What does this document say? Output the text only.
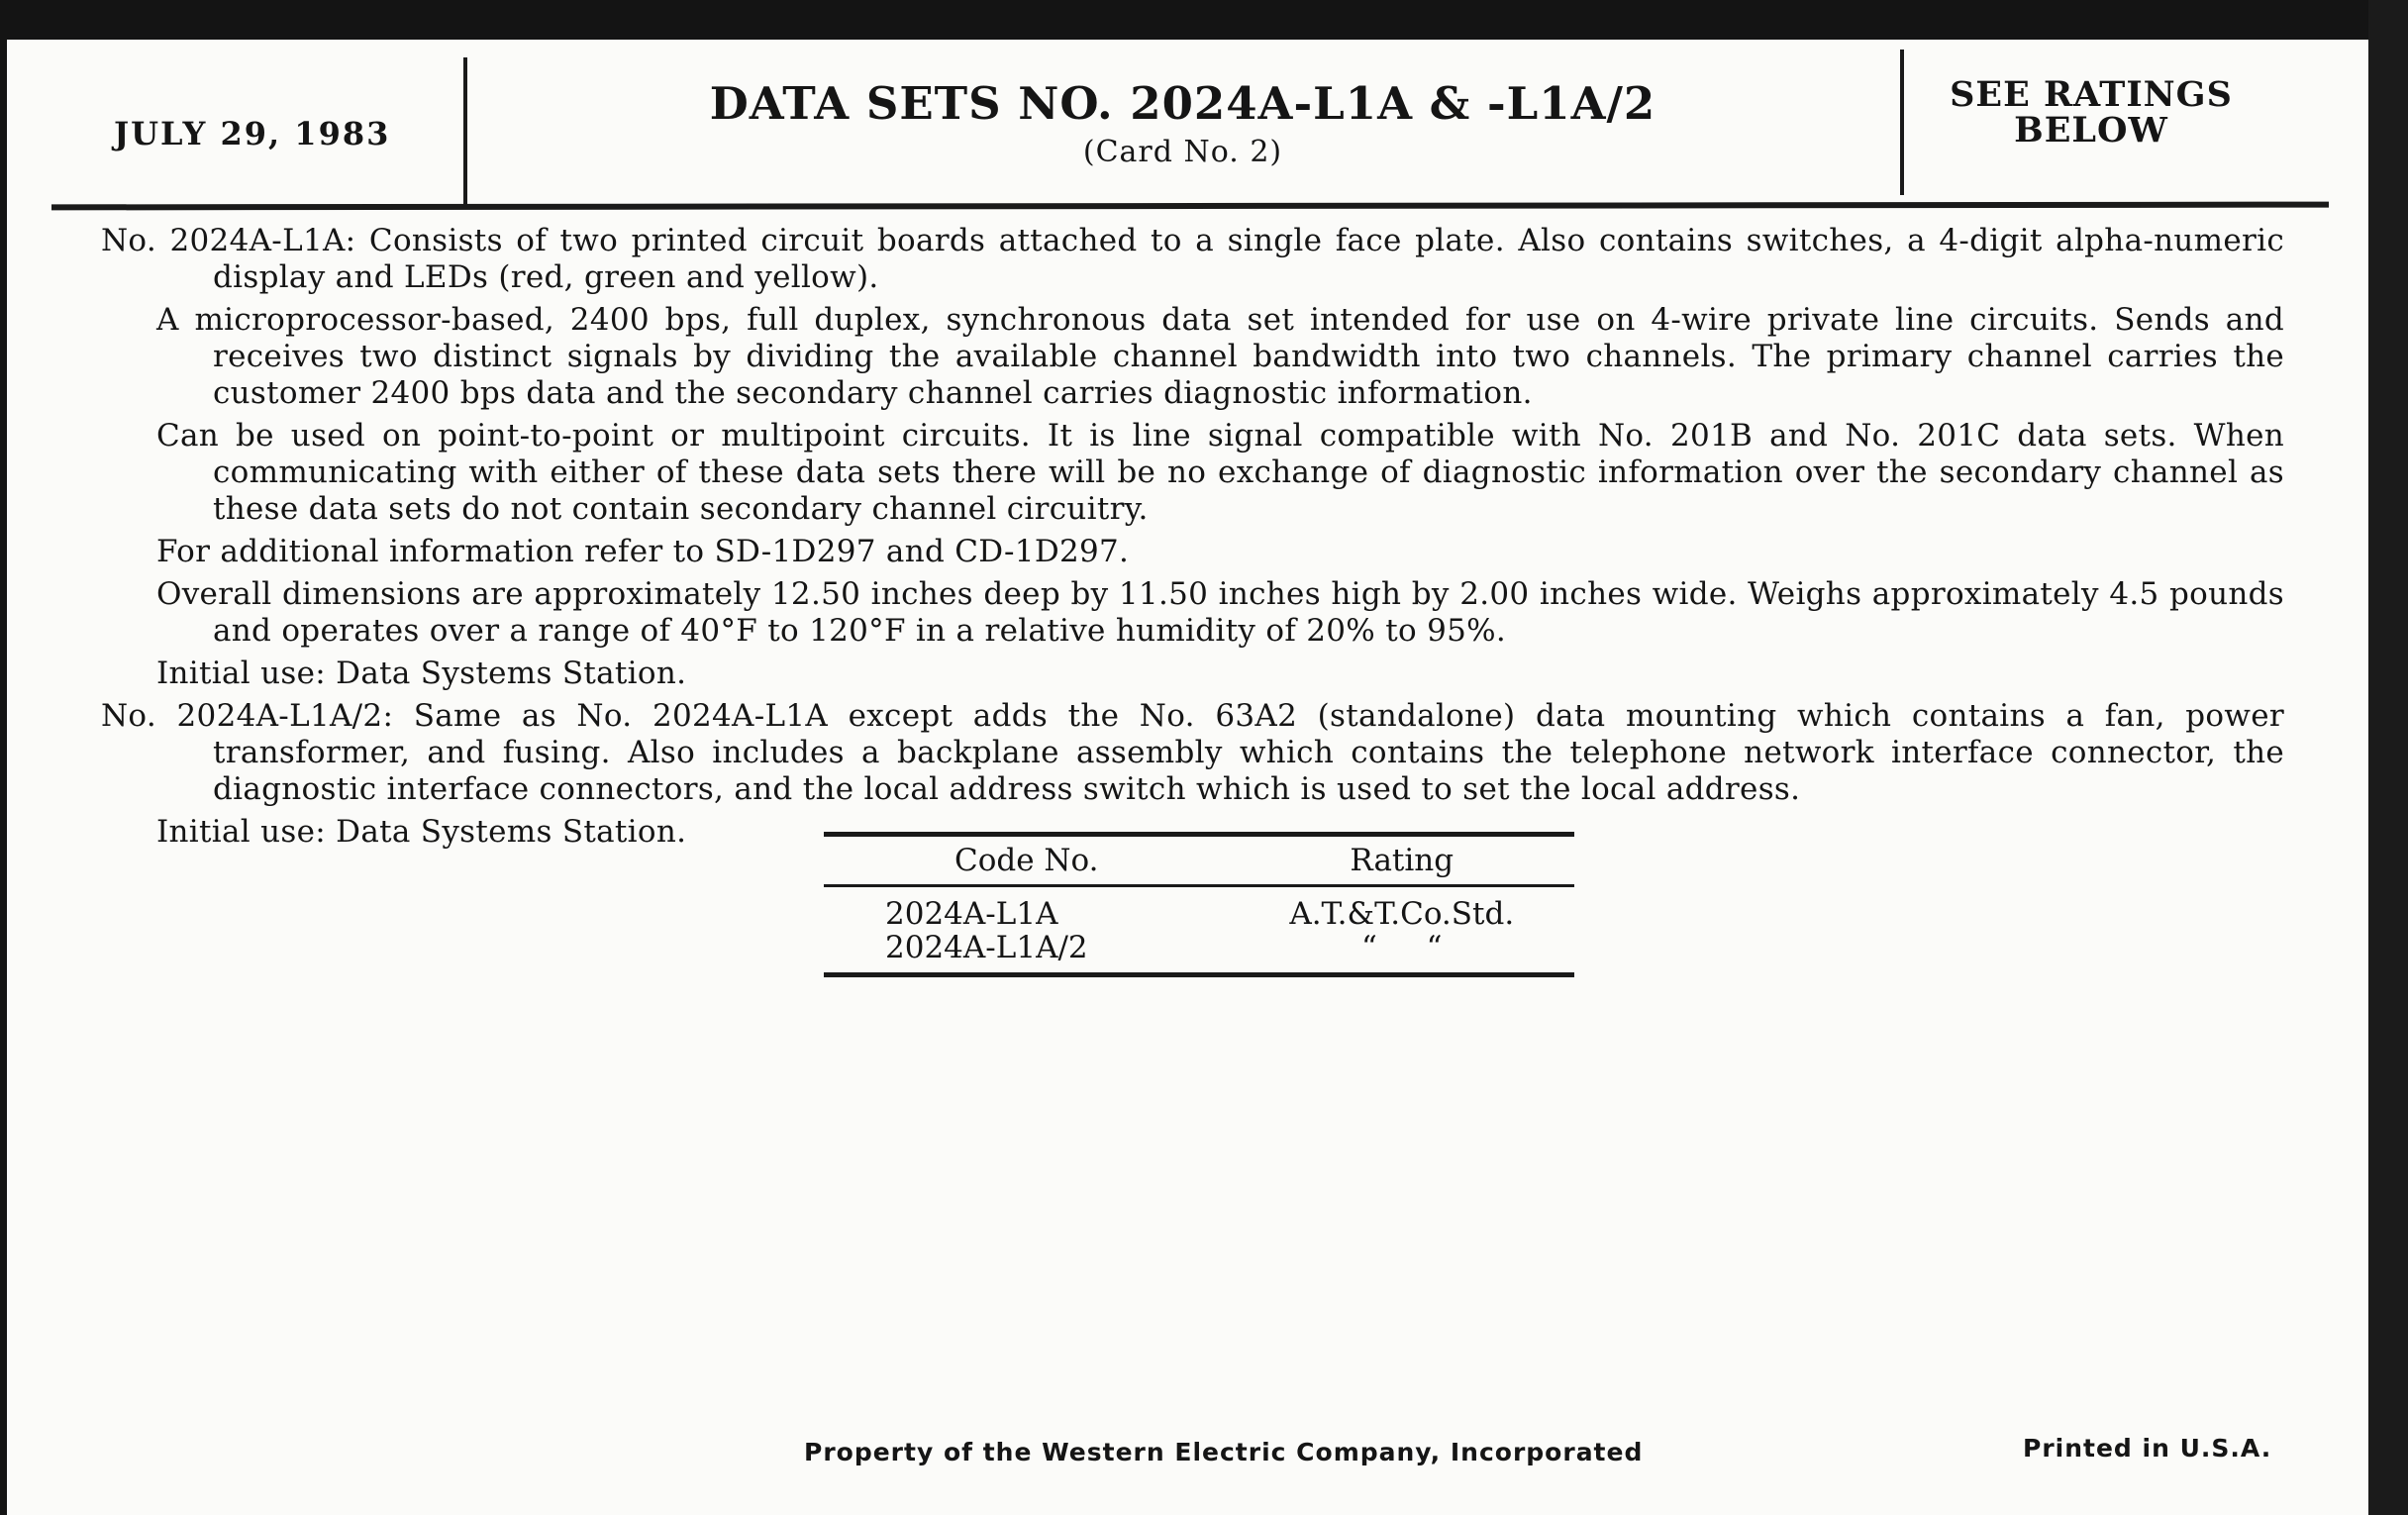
JULY 29, 1983
DATA SETS NO. 2024A-L1A & -L1A/2
(Card No. 2)
SEE RATINGS
BELOW

No. 2024A-L1A: Consists of two printed circuit boards attached to a single face plate. Also contains switches, a 4-digit alpha-numeric display and LEDs (red, green and yellow).

A microprocessor-based, 2400 bps, full duplex, synchronous data set intended for use on 4-wire private line circuits. Sends and receives two distinct signals by dividing the available channel bandwidth into two channels. The primary channel carries the customer 2400 bps data and the secondary channel carries diagnostic information.

Can be used on point-to-point or multipoint circuits. It is line signal compatible with No. 201B and No. 201C data sets. When communicating with either of these data sets there will be no exchange of diagnostic information over the secondary channel as these data sets do not contain secondary channel circuitry.

For additional information refer to SD-1D297 and CD-1D297.

Overall dimensions are approximately 12.50 inches deep by 11.50 inches high by 2.00 inches wide. Weighs approximately 4.5 pounds and operates over a range of 40°F to 120°F in a relative humidity of 20% to 95%.

Initial use: Data Systems Station.

No. 2024A-L1A/2: Same as No. 2024A-L1A except adds the No. 63A2 (standalone) data mounting which contains a fan, power transformer, and fusing. Also includes a backplane assembly which contains the telephone network interface connector, the diagnostic interface connectors, and the local address switch which is used to set the local address.

Initial use: Data Systems Station.

Code No.	Rating
2024A-L1A	A.T.&T.Co.Std.
2024A-L1A/2	“ “
Property of the Western Electric Company, Incorporated	Printed in U.S.A.
